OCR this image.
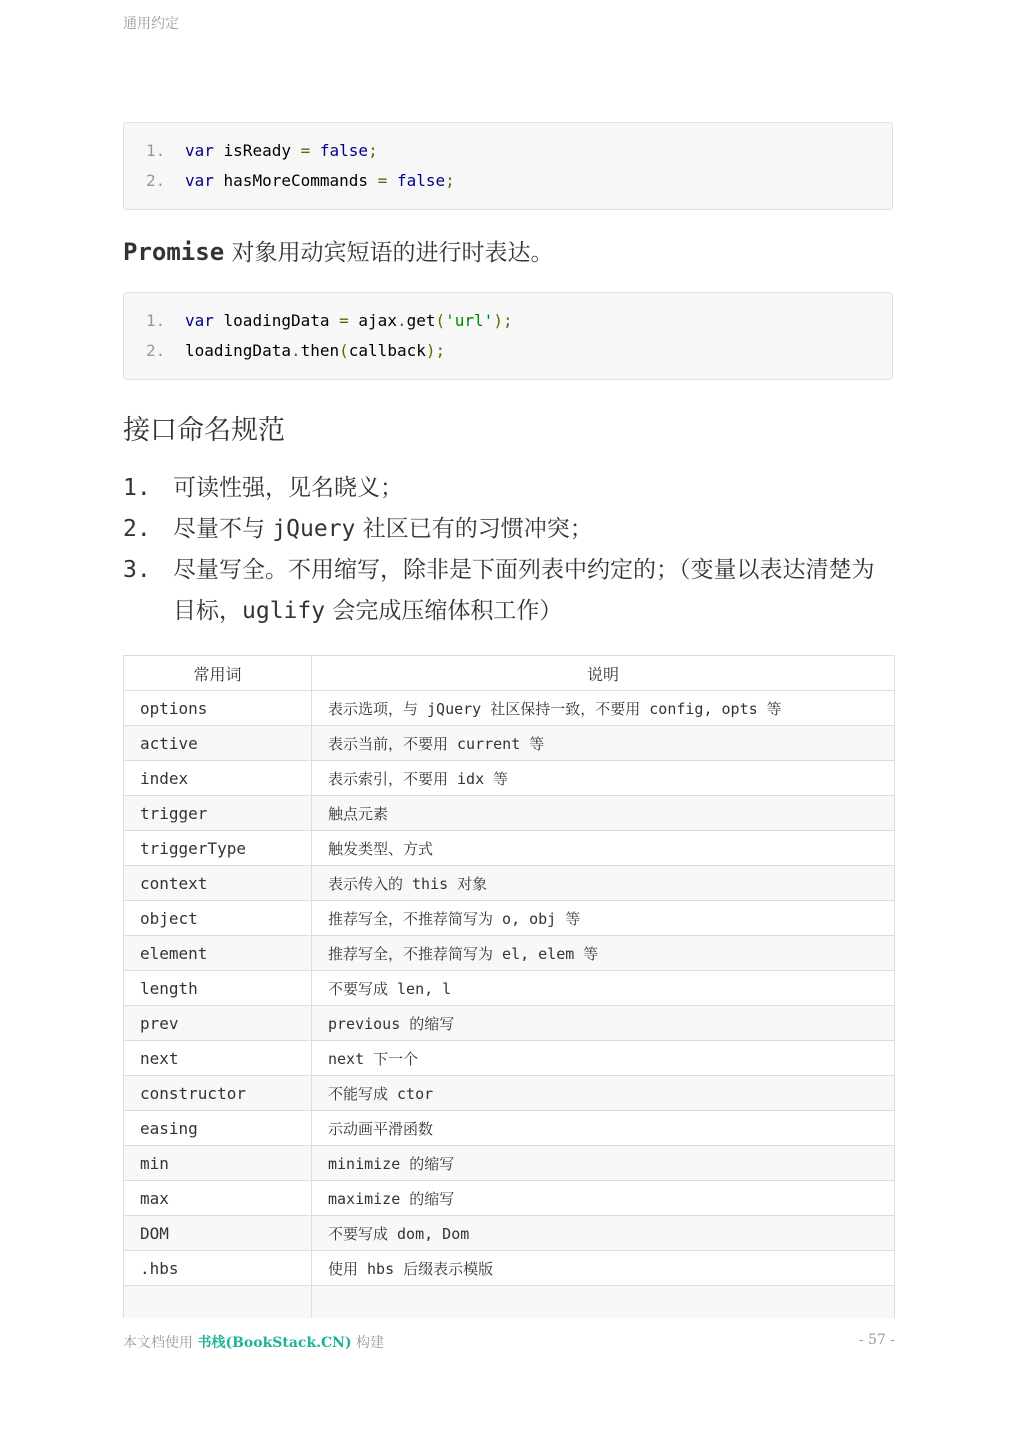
通用约定
1.	var isReady = false;
2.	var hasMoreCommands = false;
Promise 对象用动宾短语的进行时表达。
1.	var loadingData = ajax.get('url');
2.	loadingData.then(callback);
接口命名规范
1. 可读性强，见名晓义；
2. 尽量不与 jQuery 社区已有的习惯冲突；
3. 尽量写全。不用缩写，除非是下面列表中约定的；（变量以表达清楚为目标，uglify 会完成压缩体积工作）
常用词	说明
options	表示选项，与 jQuery 社区保持一致，不要用 config, opts 等
active	表示当前，不要用 current 等
index	表示索引，不要用 idx 等
trigger	触点元素
triggerType	触发类型、方式
context	表示传入的 this 对象
object	推荐写全，不推荐简写为 o, obj 等
element	推荐写全，不推荐简写为 el, elem 等
length	不要写成 len, l
prev	previous 的缩写
next	next 下一个
constructor	不能写成 ctor
easing	示动画平滑函数
min	minimize 的缩写
max	maximize 的缩写
DOM	不要写成 dom, Dom
.hbs	使用 hbs 后缀表示模版

本文档使用 书栈(BookStack.CN) 构建	- 57 -
